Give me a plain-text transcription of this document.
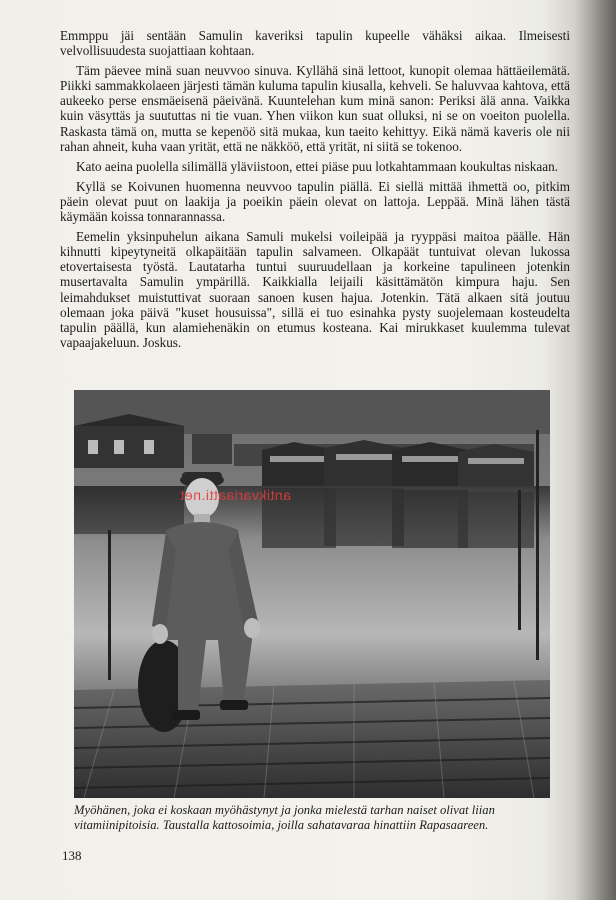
Emmppu jäi sentään Samulin kaveriksi tapulin kupeelle vähäksi aikaa. Ilmeisesti velvollisuudesta suojattiaan kohtaan.

Täm päevee minä suan neuvvoo sinuva. Kyllähä sinä lettoot, kunopit olemaa hättäeilemätä. Piikki sammakkolaeen järjesti tämän kuluma tapulin kiusalla, kehveli. Se haluvvaa kahtova, että aukeeko perse ensmäeisenä päeivänä. Kuuntelehan kum minä sanon: Periksi älä anna. Vaikka kuin väsyttäs ja suututtas ni tie vuan. Yhen viikon kun suat olluksi, ni se on voeiton puolella. Raskasta tämä on, mutta se kepenöö sitä mukaa, kun taeito kehittyy. Eikä nämä kaveris ole nii rahan ahneit, kuha vaan yrität, että ne näkköö, että yrität, ni siitä se tokenoo.

Kato aeina puolella silimällä yläviistoon, ettei piäse puu lotkahtammaan koukultas niskaan.

Kyllä se Koivunen huomenna neuvvoo tapulin piällä. Ei siellä mittää ihmettä oo, pitkim päein olevat puut on laakija ja poeikin päein olevat on lattoja. Leppää. Minä lähen tästä käymään koissa tonnarannassa.

Eemelin yksinpuhelun aikana Samuli mukelsi voileipää ja ryyppäsi maitoa päälle. Hän kihnutti kipeytyneitä olkapäitään tapulin salvameen. Olkapäät tuntuivat olevan lukossa etovertaisesta työstä. Lautatarha tuntui suuruudellaan ja korkeine tapulineen jotenkin musertavalta Samulin ympärillä. Kaikkialla leijaili käsittämätön kimpura haju. Sen leimahdukset muistuttivat suoraan sanoen kusen hajua. Jotenkin. Tätä alkaen sitä joutuu olemaan joka päivä "kuset housuissa", sillä ei tuo esinahka pysty suojelemaan kosteudelta tapulin päällä, kun alamiehenäkin on etumus kosteana. Kai mirukkaset kuulemma tulevat vapaajakeluun. Joskus.

antikvariaatti.net
Myöhänen, joka ei koskaan myöhästynyt ja jonka mielestä tarhan naiset olivat liian
vitamiinipitoisia. Taustalla kattosoimia, joilla sahatavaraa hinattiin Rapasaareen.
138
